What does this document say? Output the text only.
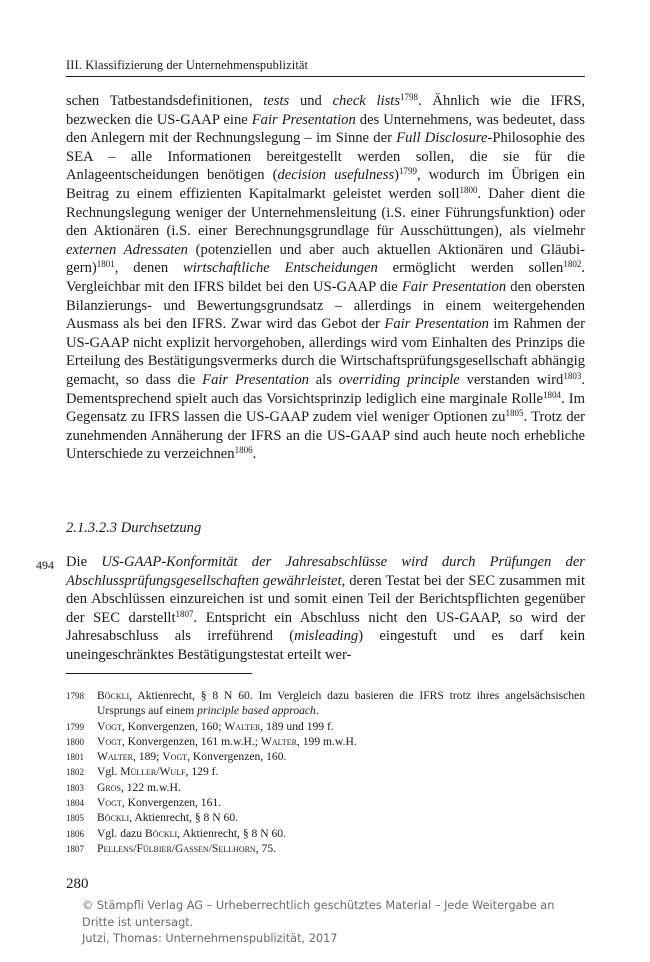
III. Klassifizierung der Unternehmenspublizität

schen Tatbestandsdefinitionen, tests und check lists$^{1798}$. Ähnlich wie die IFRS, bezwecken die US-GAAP eine Fair Presentation des Unternehmens, was bedeutet, dass den Anlegern mit der Rechnungslegung – im Sinne der Full Disclosure-Philosophie des SEA – alle Informationen bereitgestellt werden sollen, die sie für die Anlageentscheidungen benötigen (decision usefulness)$^{1799}$, wodurch im Übrigen ein Beitrag zu einem effizienten Kapitalmarkt geleistet werden soll$^{1800}$. Daher dient die Rechnungslegung weniger der Unternehmensleitung (i.S. einer Führungsfunktion) oder den Aktionären (i.S. einer Berechnungsgrundlage für Ausschüttungen), als vielmehr externen Adressaten (potenziellen und aber auch aktuellen Aktionären und Gläubigern)$^{1801}$, denen wirtschaftliche Entscheidungen ermöglicht werden sollen$^{1802}$. Vergleichbar mit den IFRS bildet bei den US-GAAP die Fair Presentation den obersten Bilanzierungs- und Bewertungsgrundsatz – allerdings in einem weitergehenden Ausmass als bei den IFRS. Zwar wird das Gebot der Fair Presentation im Rahmen der US-GAAP nicht explizit hervorgehoben, allerdings wird vom Einhalten des Prinzips die Erteilung des Bestätigungsvermerks durch die Wirtschaftsprüfungsgesellschaft abhängig gemacht, so dass die Fair Presentation als overriding principle verstanden wird$^{1803}$. Dementsprechend spielt auch das Vorsichtsprinzip lediglich eine marginale Rolle$^{1804}$. Im Gegensatz zu IFRS lassen die US-GAAP zudem viel weniger Optionen zu$^{1805}$. Trotz der zunehmenden Annäherung der IFRS an die US-GAAP sind auch heute noch erhebliche Unterschiede zu verzeichnen$^{1806}$.

2.1.3.2.3 Durchsetzung
494 Die US-GAAP-Konformität der Jahresabschlüsse wird durch Prüfungen der Abschlussprüfungsgesellschaften gewährleistet, deren Testat bei der SEC zusammen mit den Abschlüssen einzureichen ist und somit einen Teil der Berichtspflichten gegenüber der SEC darstellt$^{1807}$. Entspricht ein Abschluss nicht den US-GAAP, so wird der Jahresabschluss als irreführend (misleading) eingestuft und es darf kein uneingeschränktes Bestätigungstestat erteilt wer-

1798 Böckli, Aktienrecht, § 8 N 60. Im Vergleich dazu basieren die IFRS trotz ihres angelsächsischen Ursprungs auf einem principle based approach.
1799 Vogt, Konvergenzen, 160; Walter, 189 und 199 f.
1800 Vogt, Konvergenzen, 161 m.w.H.; Walter, 199 m.w.H.
1801 Walter, 189; Vogt, Konvergenzen, 160.
1802 Vgl. Müller/Wulf, 129 f.
1803 Gros, 122 m.w.H.
1804 Vogt, Konvergenzen, 161.
1805 Böckli, Aktienrecht, § 8 N 60.
1806 Vgl. dazu Böckli, Aktienrecht, § 8 N 60.
1807 Pellens/Fülbier/Gassen/Sellhorn, 75.
280
© Stämpfli Verlag AG – Urheberrechtlich geschütztes Material – Jede Weitergabe an Dritte ist untersagt.
Jutzi, Thomas: Unternehmenspublizität, 2017
